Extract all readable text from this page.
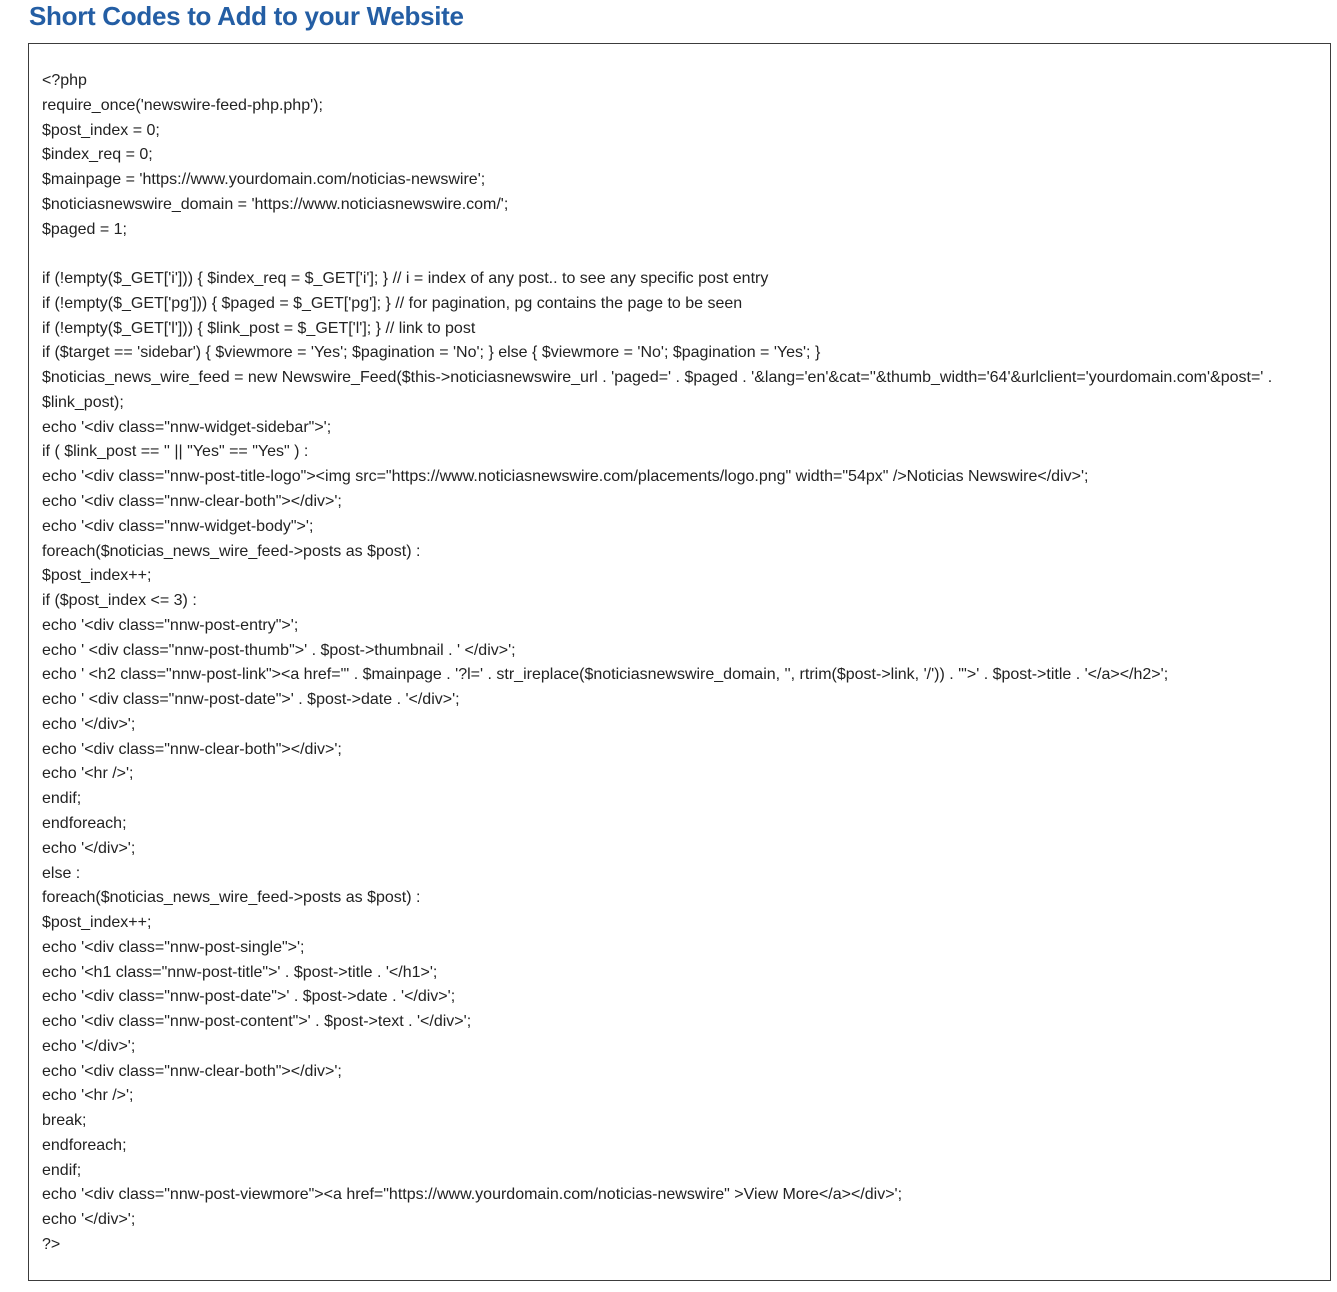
Short Codes to Add to your Website
<?php
require_once('newswire-feed-php.php');
$post_index = 0;
$index_req = 0;
$mainpage = 'https://www.yourdomain.com/noticias-newswire';
$noticiasnewswire_domain = 'https://www.noticiasnewswire.com/';
$paged = 1;
if (!empty($_GET['i'])) { $index_req = $_GET['i']; } // i = index of any post.. to see any specific post entry
if (!empty($_GET['pg'])) { $paged = $_GET['pg']; } // for pagination, pg contains the page to be seen
if (!empty($_GET['l'])) { $link_post = $_GET['l']; } // link to post
if ($target == 'sidebar') { $viewmore = 'Yes'; $pagination = 'No'; } else { $viewmore = 'No'; $pagination = 'Yes'; }
$noticias_news_wire_feed = new Newswire_Feed($this->noticiasnewswire_url . 'paged=' . $paged . '&lang='en'&cat=''&thumb_width='64'&urlclient='yourdomain.com'&post=' .
$link_post);
echo '<div class="nnw-widget-sidebar">';
if ( $link_post == '' || "Yes" == "Yes" ) :
echo '<div class="nnw-post-title-logo"><img src="https://www.noticiasnewswire.com/placements/logo.png" width="54px" />Noticias Newswire</div>';
echo '<div class="nnw-clear-both"></div>';
echo '<div class="nnw-widget-body">';
foreach($noticias_news_wire_feed->posts as $post) :
$post_index++;
if ($post_index <= 3) :
echo '<div class="nnw-post-entry">';
echo ' <div class="nnw-post-thumb">' . $post->thumbnail . ' </div>';
echo ' <h2 class="nnw-post-link"><a href="' . $mainpage . '?l=' . str_ireplace($noticiasnewswire_domain, '', rtrim($post->link, '/')) . '">' . $post->title . '</a></h2>';
echo ' <div class="nnw-post-date">' . $post->date . '</div>';
echo '</div>';
echo '<div class="nnw-clear-both"></div>';
echo '<hr />';
endif;
endforeach;
echo '</div>';
else :
foreach($noticias_news_wire_feed->posts as $post) :
$post_index++;
echo '<div class="nnw-post-single">';
echo '<h1 class="nnw-post-title">' . $post->title . '</h1>';
echo '<div class="nnw-post-date">' . $post->date . '</div>';
echo '<div class="nnw-post-content">' . $post->text . '</div>';
echo '</div>';
echo '<div class="nnw-clear-both"></div>';
echo '<hr />';
break;
endforeach;
endif;
echo '<div class="nnw-post-viewmore"><a href="https://www.yourdomain.com/noticias-newswire" >View More</a></div>';
echo '</div>';
?>
